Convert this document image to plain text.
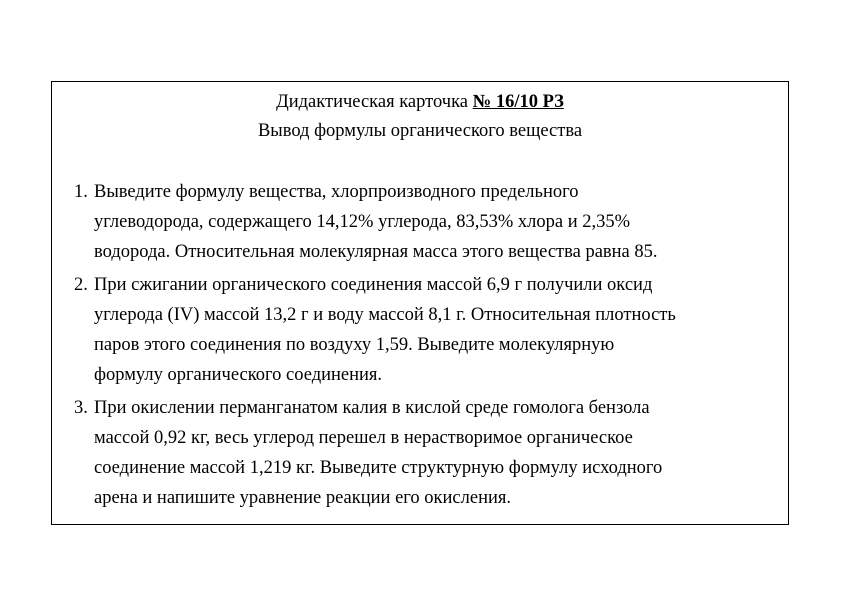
Дидактическая карточка № 16/10 РЗ
Вывод формулы органического вещества
1. Выведите формулу вещества, хлорпроизводного предельного
углеводорода, содержащего 14,12% углерода, 83,53% хлора и 2,35%
водорода. Относительная молекулярная масса этого вещества равна 85.
2. При сжигании органического соединения массой 6,9 г получили оксид
углерода (IV) массой 13,2 г и воду массой 8,1 г. Относительная плотность
паров этого соединения по воздуху 1,59. Выведите молекулярную
формулу органического соединения.
3. При окислении перманганатом калия в кислой среде гомолога бензола
массой 0,92 кг, весь углерод перешел в нерастворимое органическое
соединение массой 1,219 кг. Выведите структурную формулу исходного
арена и напишите уравнение реакции его окисления.
